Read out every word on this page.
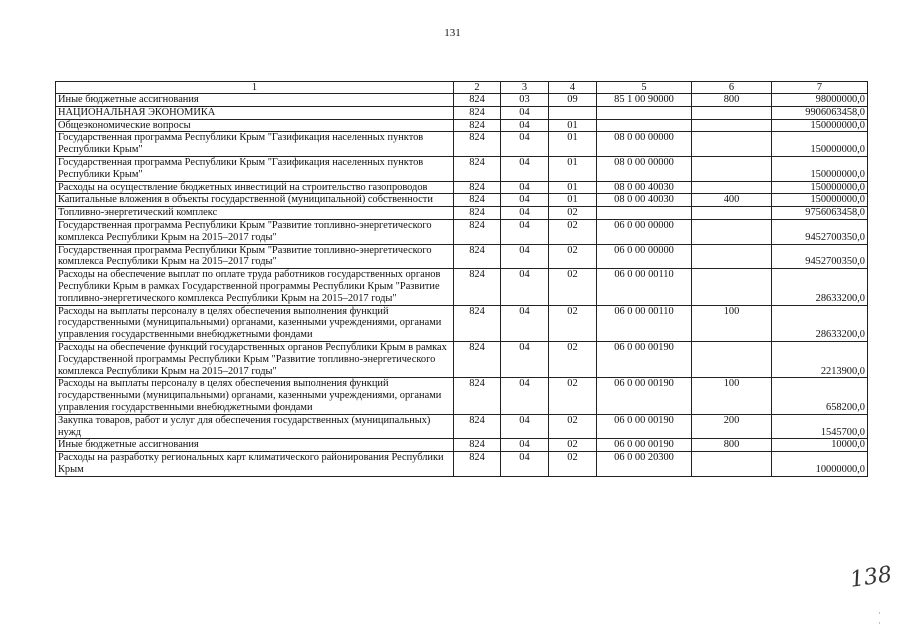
131
1	2	3	4	5	6	7
Иные бюджетные ассигнования	824	03	09	85 1 00 90000	800	98000000,0
НАЦИОНАЛЬНАЯ ЭКОНОМИКА	824	04				9906063458,0
Общеэкономические вопросы	824	04	01			150000000,0
Государственная программа Республики Крым "Газификация населенных пунктов Республики Крым"	824	04	01	08 0 00 00000		150000000,0
Государственная программа Республики Крым "Газификация населенных пунктов Республики Крым"	824	04	01	08 0 00 00000		150000000,0
Расходы на осуществление бюджетных инвестиций на строительство газопроводов	824	04	01	08 0 00 40030		150000000,0
Капитальные вложения в объекты государственной (муниципальной) собственности	824	04	01	08 0 00 40030	400	150000000,0
Топливно-энергетический комплекс	824	04	02			9756063458,0
Государственная программа Республики Крым "Развитие топливно-энергетического комплекса Республики Крым на 2015–2017 годы"	824	04	02	06 0 00 00000		9452700350,0
Государственная программа Республики Крым "Развитие топливно-энергетического комплекса Республики Крым на 2015–2017 годы"	824	04	02	06 0 00 00000		9452700350,0
Расходы на обеспечение выплат по оплате труда работников государственных органов Республики Крым в рамках Государственной программы Республики Крым "Развитие топливно-энергетического комплекса Республики Крым на 2015–2017 годы"	824	04	02	06 0 00 00110		28633200,0
Расходы на выплаты персоналу в целях обеспечения выполнения функций государственными (муниципальными) органами, казенными учреждениями, органами управления государственными внебюджетными фондами	824	04	02	06 0 00 00110	100	28633200,0
Расходы на обеспечение функций государственных органов Республики Крым в рамках Государственной программы Республики Крым "Развитие топливно-энергетического комплекса Республики Крым на 2015–2017 годы"	824	04	02	06 0 00 00190		2213900,0
Расходы на выплаты персоналу в целях обеспечения выполнения функций государственными (муниципальными) органами, казенными учреждениями, органами управления государственными внебюджетными фондами	824	04	02	06 0 00 00190	100	658200,0
Закупка товаров, работ и услуг для обеспечения государственных (муниципальных) нужд	824	04	02	06 0 00 00190	200	1545700,0
Иные бюджетные ассигнования	824	04	02	06 0 00 00190	800	10000,0
Расходы на разработку региональных карт климатического районирования Республики Крым	824	04	02	06 0 00 20300		10000000,0
138
·
·
